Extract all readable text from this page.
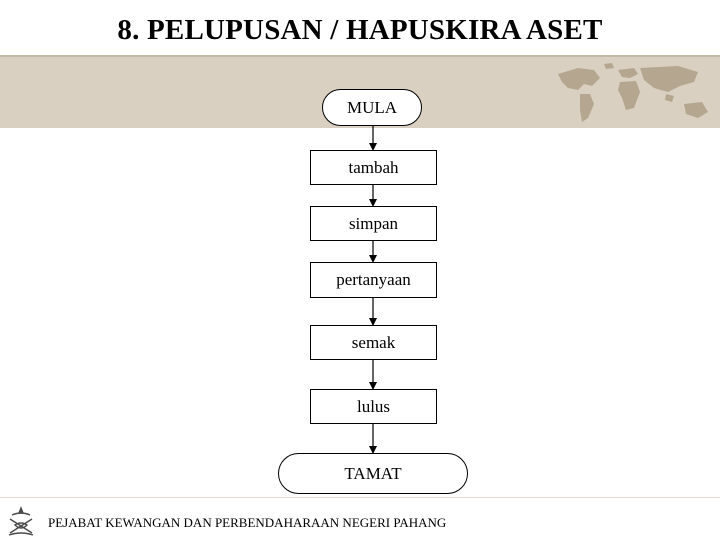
8. PELUPUSAN / HAPUSKIRA ASET
MULA
tambah
simpan
pertanyaan
semak
lulus
TAMAT
PEJABAT KEWANGAN DAN PERBENDAHARAAN NEGERI PAHANG
